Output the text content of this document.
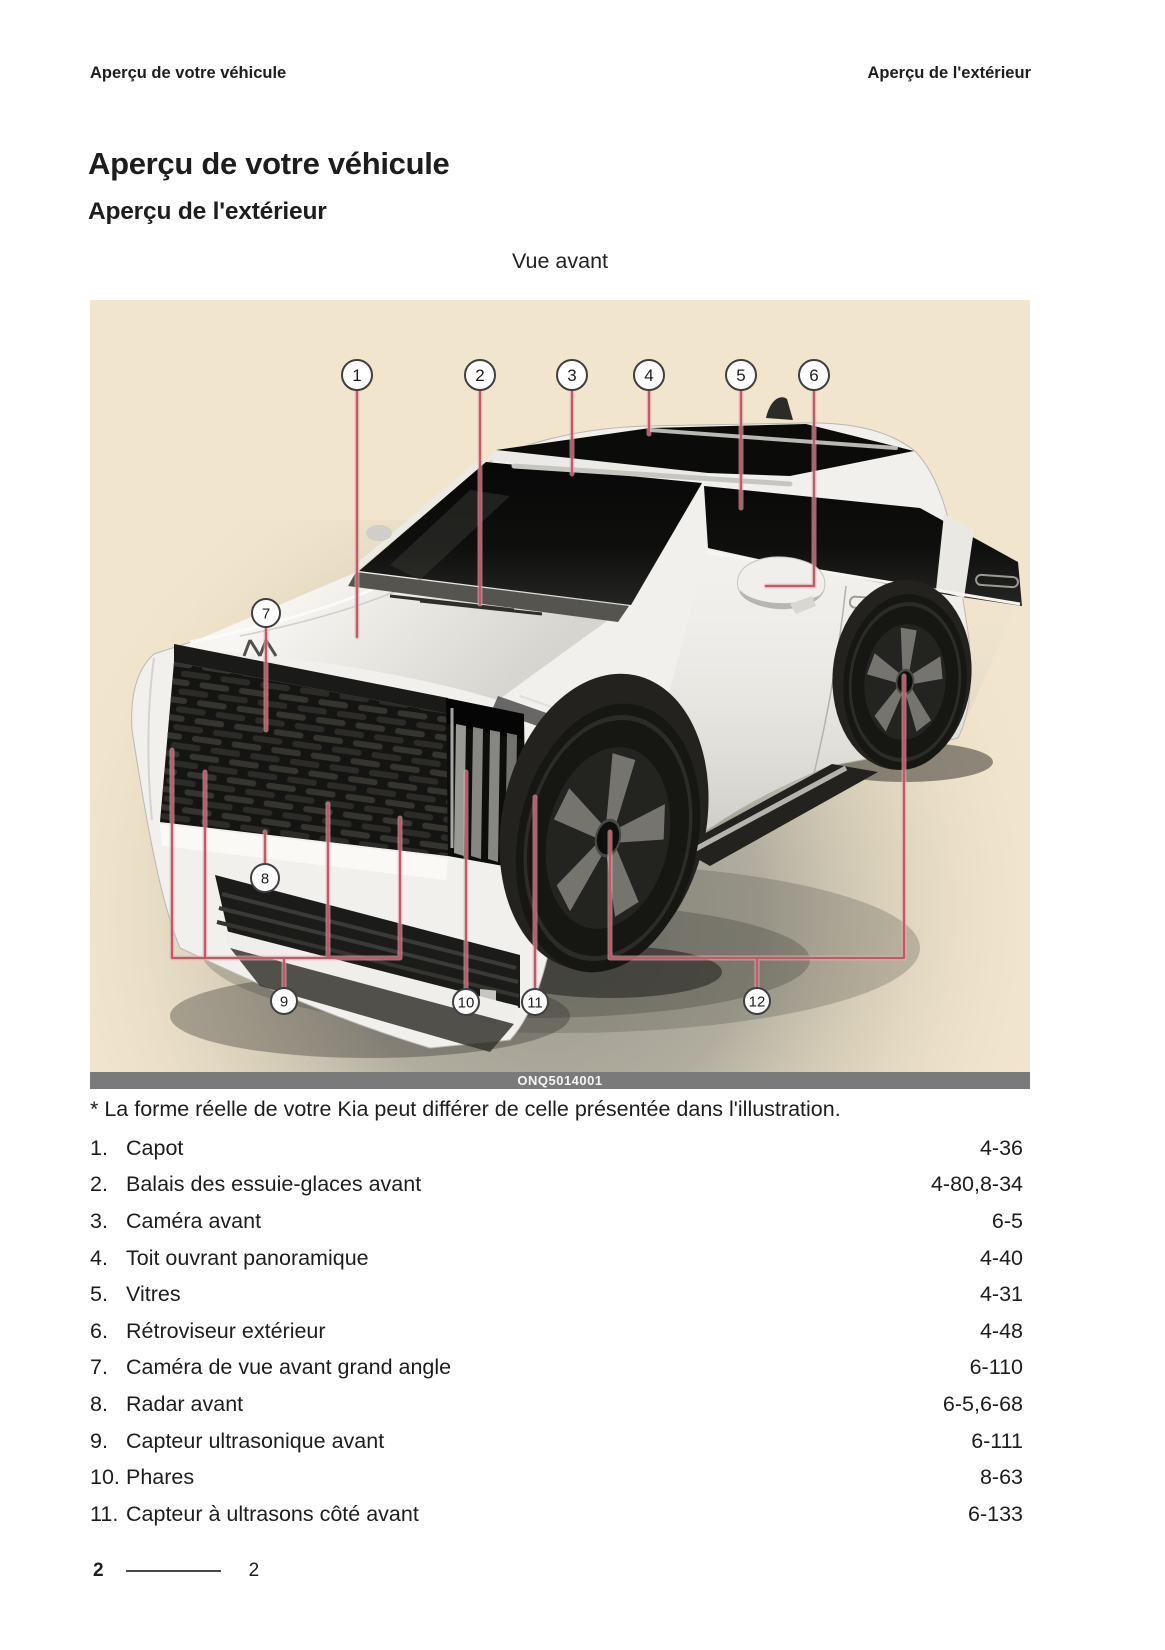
Aperçu de votre véhicule	Aperçu de l'extérieur
Aperçu de votre véhicule
Aperçu de l'extérieur
Vue avant
1	2	3	4	5	6
7
8
9	10	11	12
ONQ5014001
* La forme réelle de votre Kia peut différer de celle présentée dans l'illustration.
1. Capot	4-36
2. Balais des essuie-glaces avant	4-80,8-34
3. Caméra avant	6-5
4. Toit ouvrant panoramique	4-40
5. Vitres	4-31
6. Rétroviseur extérieur	4-48
7. Caméra de vue avant grand angle	6-110
8. Radar avant	6-5,6-68
9. Capteur ultrasonique avant	6-111
10. Phares	8-63
11. Capteur à ultrasons côté avant	6-133
2	2
